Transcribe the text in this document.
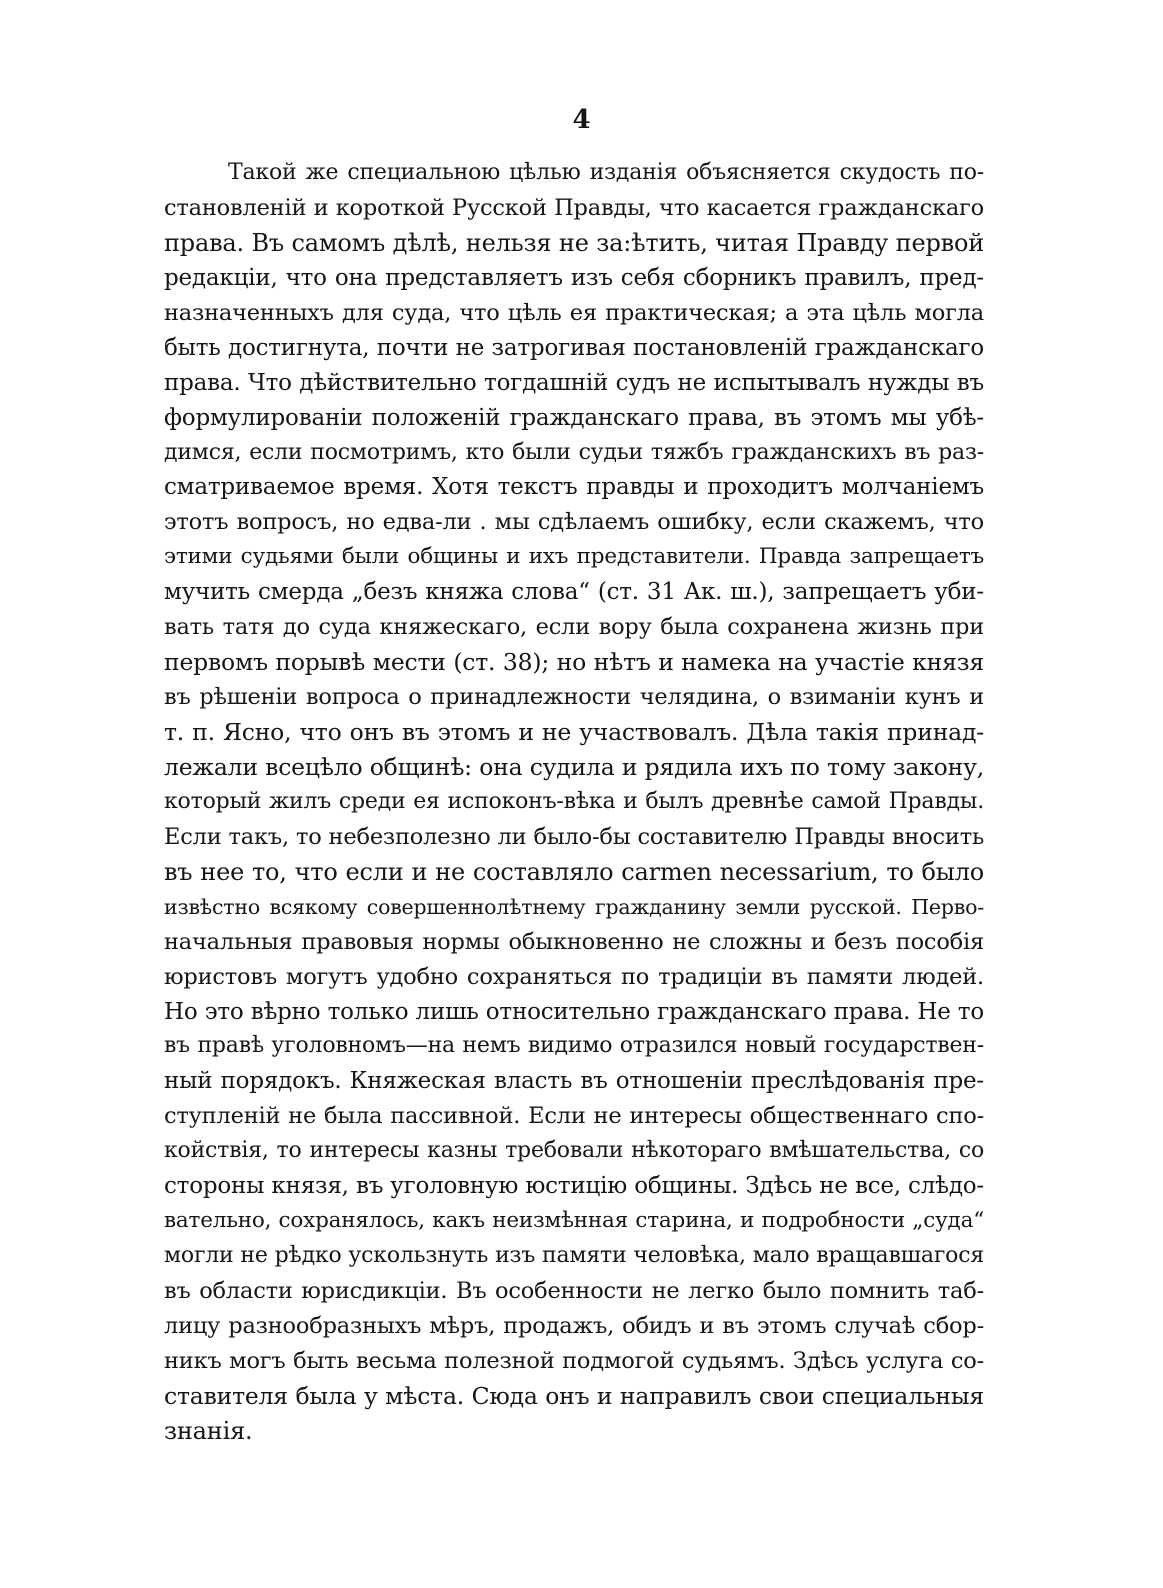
4
Такой же специальною цѣлью изданія объясняется скудость по-
становленій и короткой Русской Правды, что касается гражданскаго
права. Въ самомъ дѣлѣ, нельзя не за:ѣтить, читая Правду первой
редакціи, что она представляетъ изъ себя сборникъ правилъ, пред-
назначенныхъ для суда, что цѣль ея практическая; а эта цѣль могла
быть достигнута, почти не затрогивая постановленій гражданскаго
права. Что дѣйствительно тогдашній судъ не испытывалъ нужды въ
формулированіи положеній гражданскаго права, въ этомъ мы убѣ-
димся, если посмотримъ, кто были судьи тяжбъ гражданскихъ въ раз-
сматриваемое время. Хотя текстъ правды и проходитъ молчаніемъ
этотъ вопросъ, но едва-ли . мы сдѣлаемъ ошибку, если скажемъ, что
этими судьями были общины и ихъ представители. Правда запрещаетъ
мучить смерда „безъ княжа слова“ (ст. 31 Ак. ш.), запрещаетъ уби-
вать татя до суда княжескаго, если вору была сохранена жизнь при
первомъ порывѣ мести (ст. 38); но нѣтъ и намека на участіе князя
въ рѣшеніи вопроса о принадлежности челядина, о взиманіи кунъ и
т. п. Ясно, что онъ въ этомъ и не участвовалъ. Дѣла такія принад-
лежали всецѣло общинѣ: она судила и рядила ихъ по тому закону,
который жилъ среди ея испоконъ-вѣка и былъ древнѣе самой Правды.
Если такъ, то небезполезно ли было-бы составителю Правды вносить
въ нее то, что если и не составляло carmen necessarium, то было
извѣстно всякому совершеннолѣтнему гражданину земли русской. Перво-
начальныя правовыя нормы обыкновенно не сложны и безъ пособія
юристовъ могутъ удобно сохраняться по традиціи въ памяти людей.
Но это вѣрно только лишь относительно гражданскаго права. Не то
въ правѣ уголовномъ—на немъ видимо отразился новый государствен-
ный порядокъ. Княжеская власть въ отношеніи преслѣдованія пре-
ступленій не была пассивной. Если не интересы общественнаго спо-
койствія, то интересы казны требовали нѣкотораго вмѣшательства, со
стороны князя, въ уголовную юстицію общины. Здѣсь не все, слѣдо-
вательно, сохранялось, какъ неизмѣнная старина, и подробности „суда“
могли не рѣдко ускользнуть изъ памяти человѣка, мало вращавшагося
въ области юрисдикціи. Въ особенности не легко было помнить таб-
лицу разнообразныхъ мѣръ, продажъ, обидъ и въ этомъ случаѣ сбор-
никъ могъ быть весьма полезной подмогой судьямъ. Здѣсь услуга со-
ставителя была у мѣста. Сюда онъ и направилъ свои специальныя
знанія.
